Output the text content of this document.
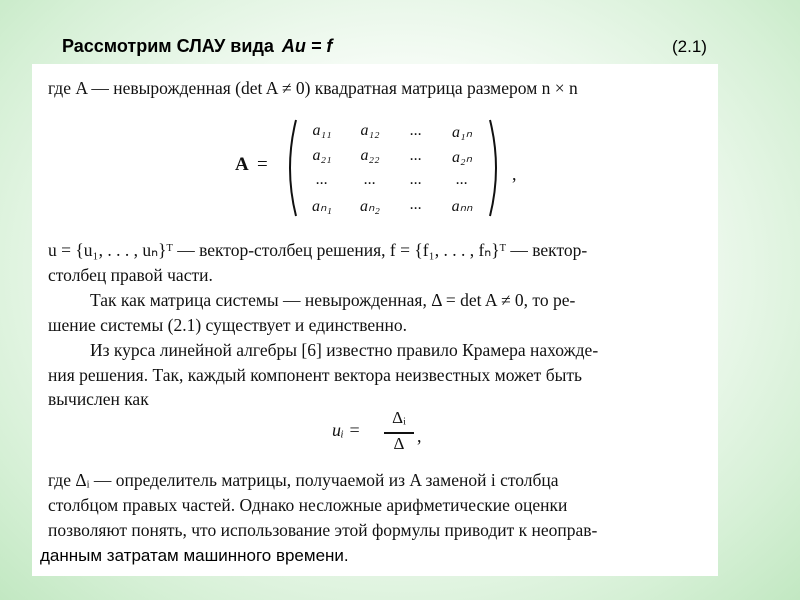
Рассмотрим СЛАУ вида Au = f	(2.1)
где A — невырожденная (det A ≠ 0) квадратная матрица размером n × n
A =
a₁₁	a₁₂	...	a₁ₙ
a₂₁	a₂₂	...	a₂ₙ
...	...	...	...
aₙ₁	aₙ₂	...	aₙₙ
,
u = {u₁, . . . , uₙ}ᵀ — вектор-столбец решения, f = {f₁, . . . , fₙ}ᵀ — вектор-
столбец правой части.
Так как матрица системы — невырожденная, Δ = det A ≠ 0, то ре-
шение системы (2.1) существует и единственно.
Из курса линейной алгебры [6] известно правило Крамера нахожде-
ния решения. Так, каждый компонент вектора неизвестных может быть
вычислен как
uᵢ =
Δᵢ
Δ ,
где Δᵢ — определитель матрицы, получаемой из A заменой i столбца
столбцом правых частей. Однако несложные арифметические оценки
позволяют понять, что использование этой формулы приводит к неоправ-
данным затратам машинного времени.
